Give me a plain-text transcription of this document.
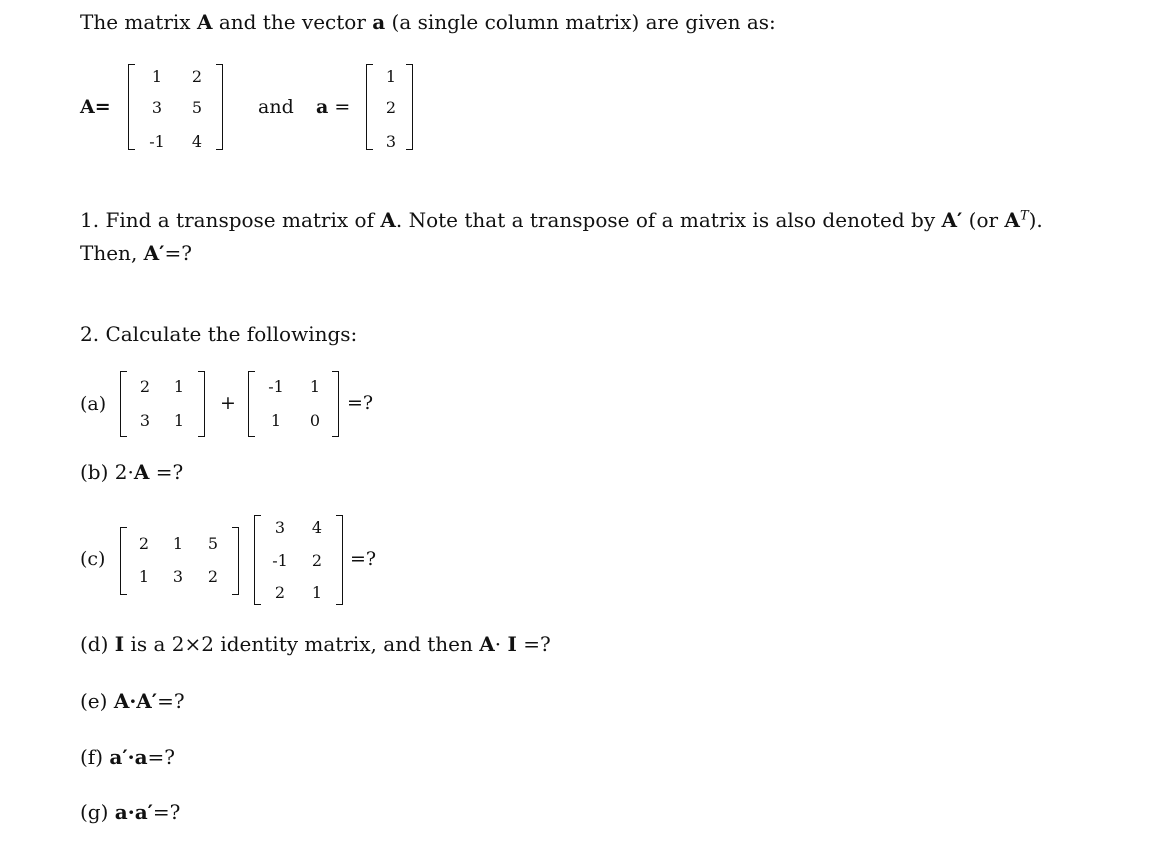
The matrix A and the vector a (a single column matrix) are given as:
A=
1	2
3	5
-1	4
and a =
1
2
3
1. Find a transpose matrix of A. Note that a transpose of a matrix is also denoted by A′ (or $A^T$).
Then, A′=?
2. Calculate the followings:
(a)
2	1
3	1
+
-1	1
1	0
=?
(b) 2·A =?
(c)
2	1	5
1	3	2
3	4
-1	2
2	1
=?
(d) I is a 2×2 identity matrix, and then A· I =?
(e) A·A′=?
(f) a′·a=?
(g) a·a′=?
